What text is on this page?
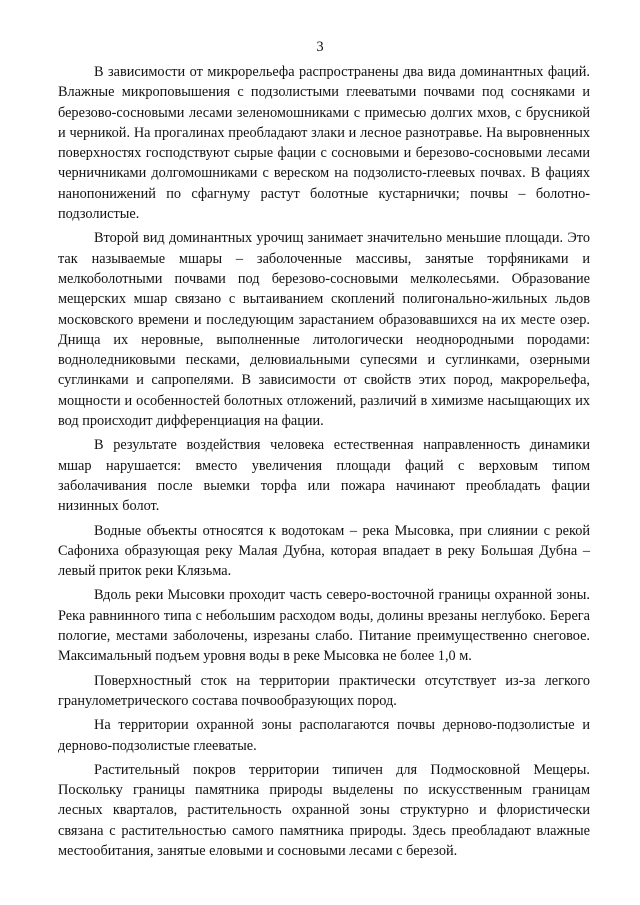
3

В зависимости от микрорельефа распространены два вида доминантных фаций. Влажные микроповышения с подзолистыми глееватыми почвами под сосняками и березово-сосновыми лесами зеленомошниками с примесью долгих мхов, с брусникой и черникой. На прогалинах преобладают злаки и лесное разнотравье. На выровненных поверхностях господствуют сырые фации с сосновыми и березово-сосновыми лесами черничниками долгомошниками с вереском на подзолисто-глеевых почвах. В фациях нанопонижений по сфагнуму растут болотные кустарнички; почвы – болотно-подзолистые.

Второй вид доминантных урочищ занимает значительно меньшие площади. Это так называемые мшары – заболоченные массивы, занятые торфяниками и мелкоболотными почвами под березово-сосновыми мелколесьями. Образование мещерских мшар связано с вытаиванием скоплений полигонально-жильных льдов московского времени и последующим зарастанием образовавшихся на их месте озер. Днища их неровные, выполненные литологически неоднородными породами: водноледниковыми песками, делювиальными супесями и суглинками, озерными суглинками и сапропелями. В зависимости от свойств этих пород, макрорельефа, мощности и особенностей болотных отложений, различий в химизме насыщающих их вод происходит дифференциация на фации.

В результате воздействия человека естественная направленность динамики мшар нарушается: вместо увеличения площади фаций с верховым типом заболачивания после выемки торфа или пожара начинают преобладать фации низинных болот.

Водные объекты относятся к водотокам – река Мысовка, при слиянии с рекой Сафониха образующая реку Малая Дубна, которая впадает в реку Большая Дубна – левый приток реки Клязьма.

Вдоль реки Мысовки проходит часть северо-восточной границы охранной зоны. Река равнинного типа с небольшим расходом воды, долины врезаны неглубоко. Берега пологие, местами заболочены, изрезаны слабо. Питание преимущественно снеговое. Максимальный подъем уровня воды в реке Мысовка не более 1,0 м.

Поверхностный сток на территории практически отсутствует из-за легкого гранулометрического состава почвообразующих пород.

На территории охранной зоны располагаются почвы дерново-подзолистые и дерново-подзолистые глееватые.

Растительный покров территории типичен для Подмосковной Мещеры. Поскольку границы памятника природы выделены по искусственным границам лесных кварталов, растительность охранной зоны структурно и флористически связана с растительностью самого памятника природы. Здесь преобладают влажные местообитания, занятые еловыми и сосновыми лесами с березой.
